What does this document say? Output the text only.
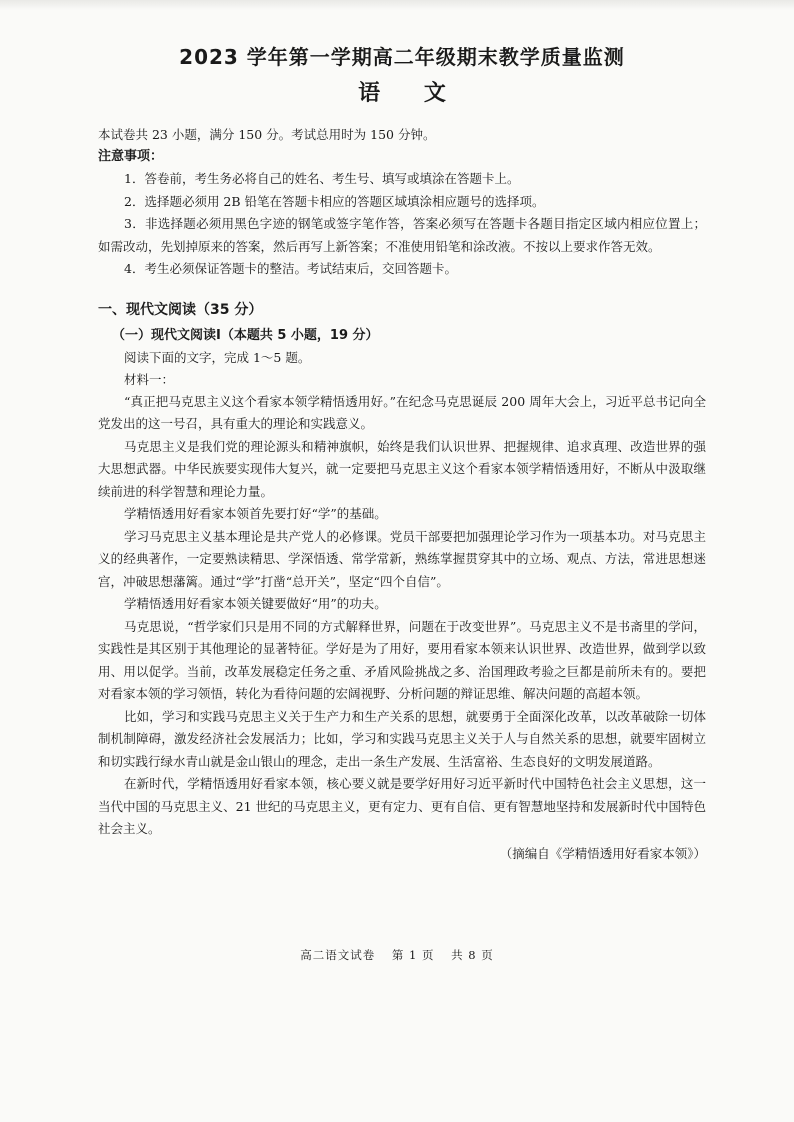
2023 学年第一学期高二年级期末教学质量监测
语 文

本试卷共 23 小题，满分 150 分。考试总用时为 150 分钟。

注意事项：

1．答卷前，考生务必将自己的姓名、考生号、填写或填涂在答题卡上。

2．选择题必须用 2B 铅笔在答题卡相应的答题区域填涂相应题号的选择项。

3．非选择题必须用黑色字迹的钢笔或签字笔作答，答案必须写在答题卡各题目指定区域内相应位置上；如需改动，先划掉原来的答案，然后再写上新答案；不准使用铅笔和涂改液。不按以上要求作答无效。

4．考生必须保证答题卡的整洁。考试结束后，交回答题卡。

一、现代文阅读（35 分）

（一）现代文阅读Ⅰ（本题共 5 小题，19 分）

阅读下面的文字，完成 1～5 题。

材料一：

“真正把马克思主义这个看家本领学精悟透用好。”在纪念马克思诞辰 200 周年大会上，习近平总书记向全党发出的这一号召，具有重大的理论和实践意义。

马克思主义是我们党的理论源头和精神旗帜，始终是我们认识世界、把握规律、追求真理、改造世界的强大思想武器。中华民族要实现伟大复兴，就一定要把马克思主义这个看家本领学精悟透用好，不断从中汲取继续前进的科学智慧和理论力量。

学精悟透用好看家本领首先要打好“学”的基础。

学习马克思主义基本理论是共产党人的必修课。党员干部要把加强理论学习作为一项基本功。对马克思主义的经典著作，一定要熟读精思、学深悟透、常学常新，熟练掌握贯穿其中的立场、观点、方法，常进思想迷宫，冲破思想藩篱。通过“学”打凿“总开关”，坚定“四个自信”。

学精悟透用好看家本领关键要做好“用”的功夫。

马克思说，“哲学家们只是用不同的方式解释世界，问题在于改变世界”。马克思主义不是书斋里的学问，实践性是其区别于其他理论的显著特征。学好是为了用好，要用看家本领来认识世界、改造世界，做到学以致用、用以促学。当前，改革发展稳定任务之重、矛盾风险挑战之多、治国理政考验之巨都是前所未有的。要把对看家本领的学习领悟，转化为看待问题的宏阔视野、分析问题的辩证思维、解决问题的高超本领。

比如，学习和实践马克思主义关于生产力和生产关系的思想，就要勇于全面深化改革，以改革破除一切体制机制障碍，激发经济社会发展活力；比如，学习和实践马克思主义关于人与自然关系的思想，就要牢固树立和切实践行绿水青山就是金山银山的理念，走出一条生产发展、生活富裕、生态良好的文明发展道路。

在新时代，学精悟透用好看家本领，核心要义就是要学好用好习近平新时代中国特色社会主义思想，这一当代中国的马克思主义、21 世纪的马克思主义，更有定力、更有自信、更有智慧地坚持和发展新时代中国特色社会主义。

（摘编自《学精悟透用好看家本领》）

高二语文试卷 第 1 页 共 8 页
